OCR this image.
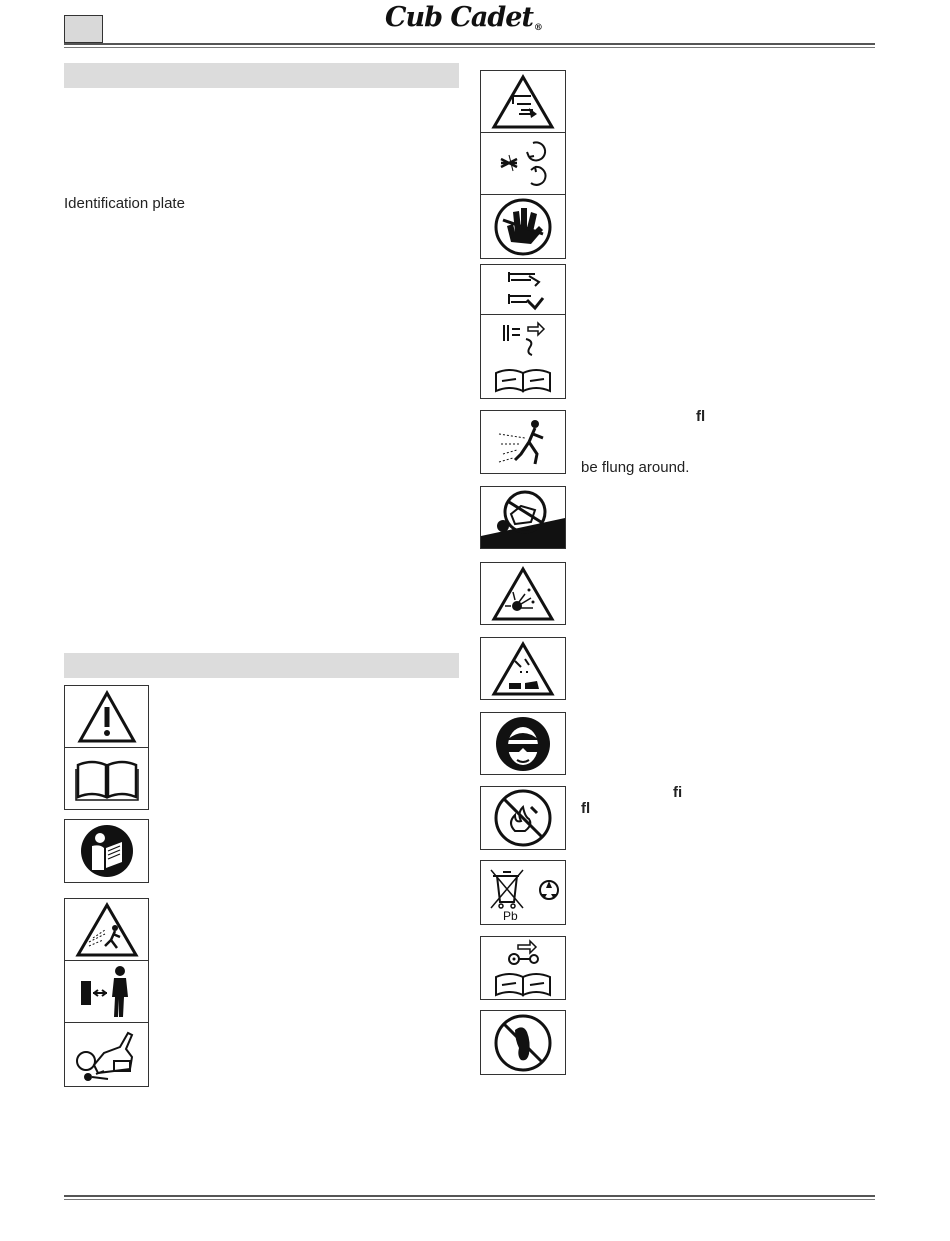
Cub Cadet®
Identification plate
fl
be flung around.
fi
fl
Pb
